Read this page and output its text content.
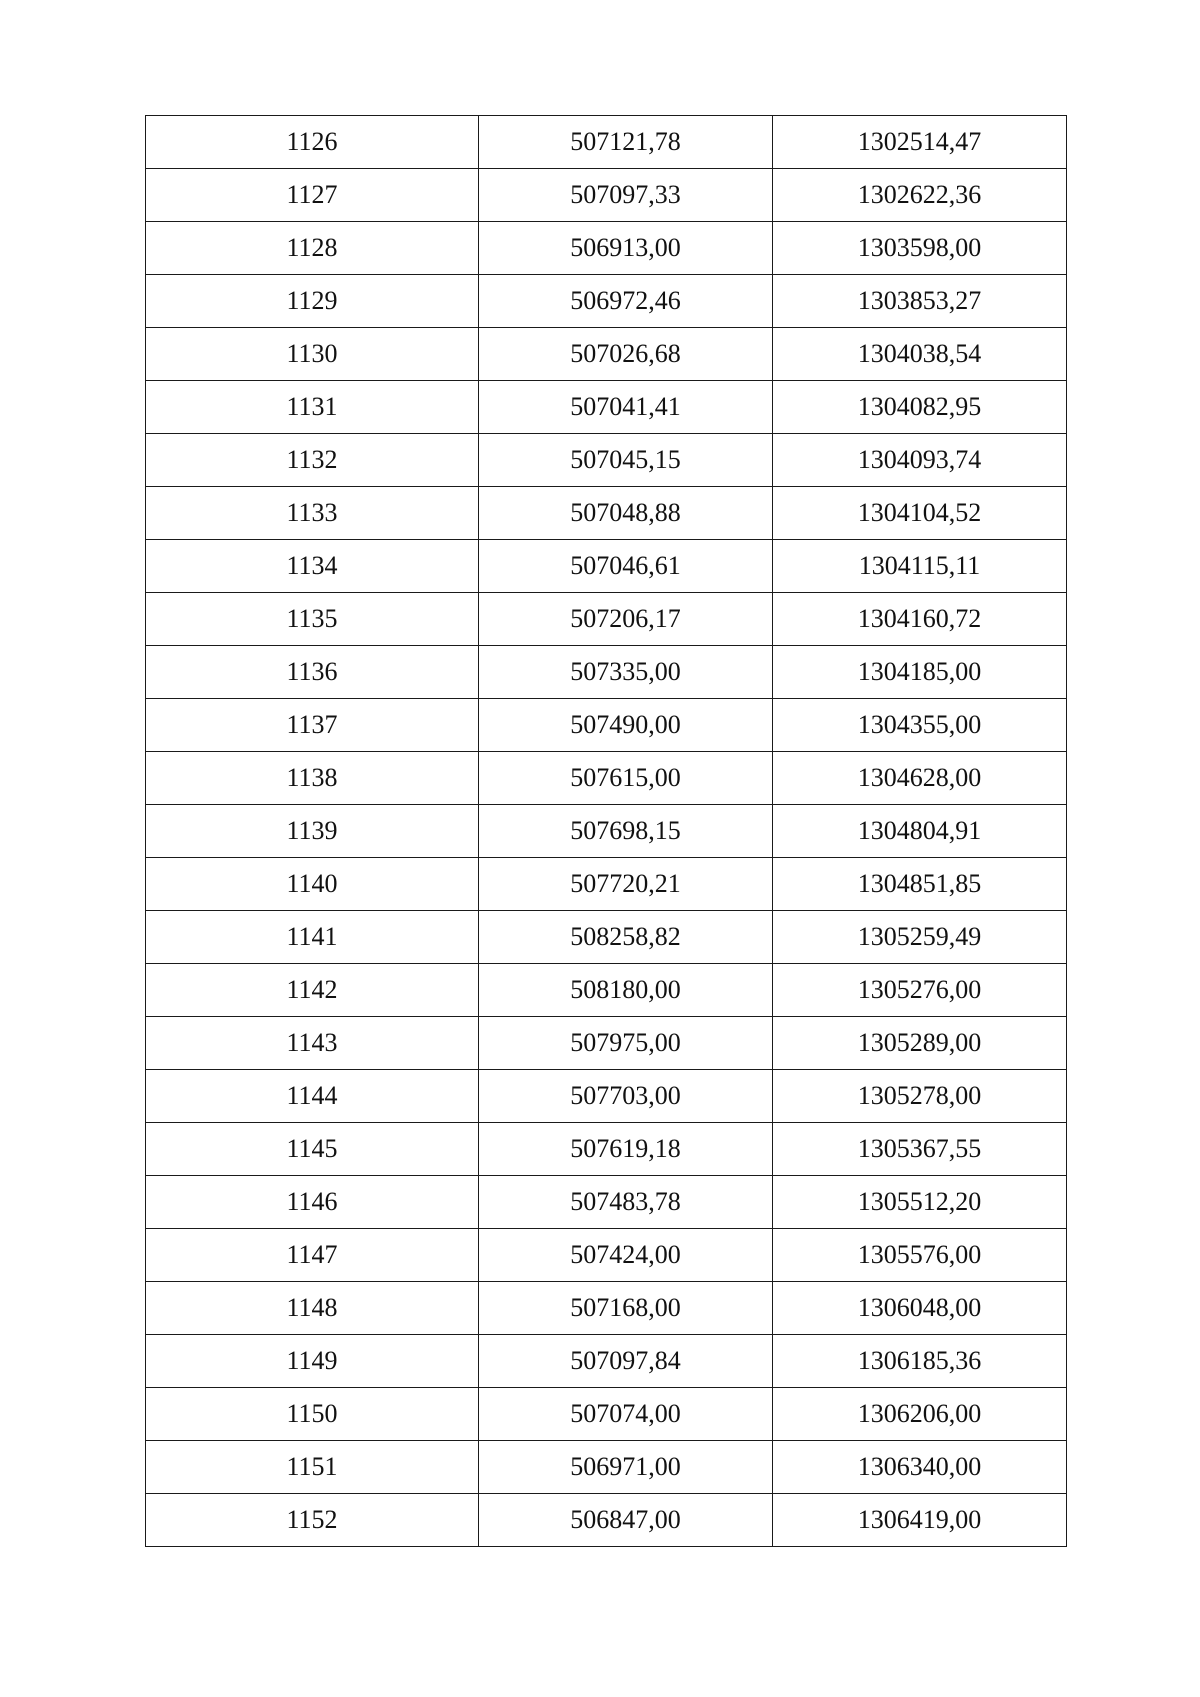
1126	507121,78	1302514,47
1127	507097,33	1302622,36
1128	506913,00	1303598,00
1129	506972,46	1303853,27
1130	507026,68	1304038,54
1131	507041,41	1304082,95
1132	507045,15	1304093,74
1133	507048,88	1304104,52
1134	507046,61	1304115,11
1135	507206,17	1304160,72
1136	507335,00	1304185,00
1137	507490,00	1304355,00
1138	507615,00	1304628,00
1139	507698,15	1304804,91
1140	507720,21	1304851,85
1141	508258,82	1305259,49
1142	508180,00	1305276,00
1143	507975,00	1305289,00
1144	507703,00	1305278,00
1145	507619,18	1305367,55
1146	507483,78	1305512,20
1147	507424,00	1305576,00
1148	507168,00	1306048,00
1149	507097,84	1306185,36
1150	507074,00	1306206,00
1151	506971,00	1306340,00
1152	506847,00	1306419,00
